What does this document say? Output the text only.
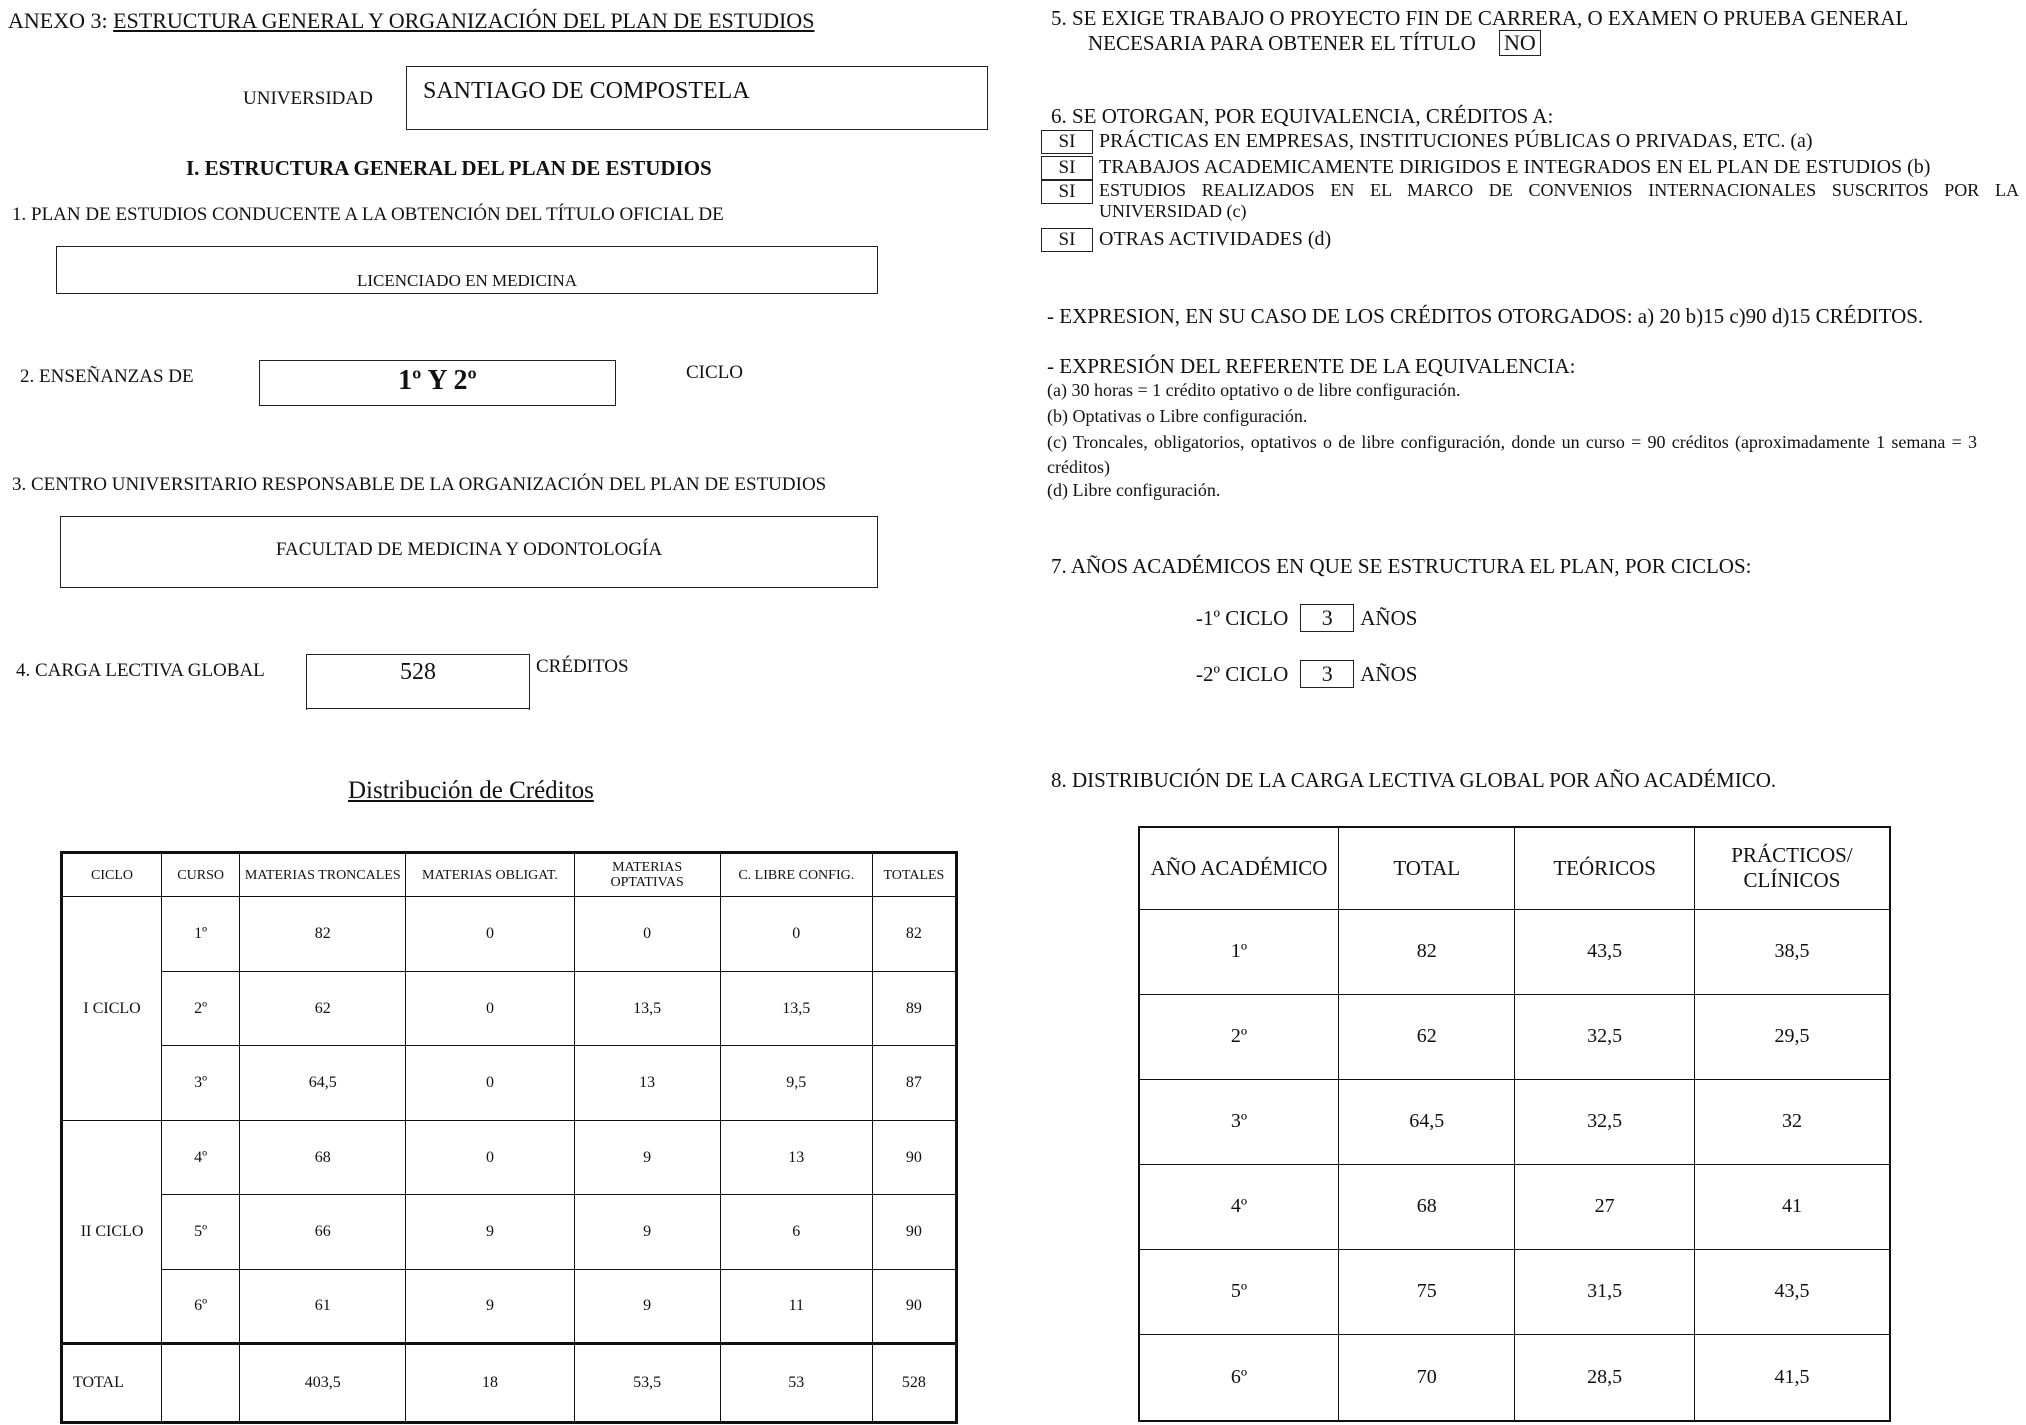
ANEXO 3: ESTRUCTURA GENERAL Y ORGANIZACIÓN DEL PLAN DE ESTUDIOS
UNIVERSIDAD SANTIAGO DE COMPOSTELA
I. ESTRUCTURA GENERAL DEL PLAN DE ESTUDIOS
1. PLAN DE ESTUDIOS CONDUCENTE A LA OBTENCIÓN DEL TÍTULO OFICIAL DE
LICENCIADO EN MEDICINA
2. ENSEÑANZAS DE	1º Y 2º	CICLO
3. CENTRO UNIVERSITARIO RESPONSABLE DE LA ORGANIZACIÓN DEL PLAN DE ESTUDIOS
FACULTAD DE MEDICINA Y ODONTOLOGÍA
4. CARGA LECTIVA GLOBAL	528	CRÉDITOS
Distribución de Créditos
CICLO	CURSO	MATERIAS TRONCALES	MATERIAS OBLIGAT.	MATERIAS OPTATIVAS	C. LIBRE CONFIG.	TOTALES
I CICLO	1º	82	0	0	0	82
	2º	62	0	13,5	13,5	89
	3º	64,5	0	13	9,5	87
II CICLO	4º	68	0	9	13	90
	5º	66	9	9	6	90
	6º	61	9	9	11	90
TOTAL		403,5	18	53,5	53	528
5. SE EXIGE TRABAJO O PROYECTO FIN DE CARRERA, O EXAMEN O PRUEBA GENERAL
NECESARIA PARA OBTENER EL TÍTULO NO
6. SE OTORGAN, POR EQUIVALENCIA, CRÉDITOS A:
SI	PRÁCTICAS EN EMPRESAS, INSTITUCIONES PÚBLICAS O PRIVADAS, ETC. (a)
SI	TRABAJOS ACADEMICAMENTE DIRIGIDOS E INTEGRADOS EN EL PLAN DE ESTUDIOS (b)
SI	ESTUDIOS REALIZADOS EN EL MARCO DE CONVENIOS INTERNACIONALES SUSCRITOS POR LA UNIVERSIDAD (c)
SI	OTRAS ACTIVIDADES (d)
- EXPRESION, EN SU CASO DE LOS CRÉDITOS OTORGADOS: a) 20 b)15 c)90 d)15 CRÉDITOS.
- EXPRESIÓN DEL REFERENTE DE LA EQUIVALENCIA:
(a) 30 horas = 1 crédito optativo o de libre configuración.
(b) Optativas o Libre configuración.
(c) Troncales, obligatorios, optativos o de libre configuración, donde un curso = 90 créditos (aproximadamente 1 semana = 3 créditos)
(d) Libre configuración.
7. AÑOS ACADÉMICOS EN QUE SE ESTRUCTURA EL PLAN, POR CICLOS:
-1º CICLO	3	AÑOS
-2º CICLO	3	AÑOS
8. DISTRIBUCIÓN DE LA CARGA LECTIVA GLOBAL POR AÑO ACADÉMICO.
AÑO ACADÉMICO	TOTAL	TEÓRICOS	PRÁCTICOS/ CLÍNICOS
1º	82	43,5	38,5
2º	62	32,5	29,5
3º	64,5	32,5	32
4º	68	27	41
5º	75	31,5	43,5
6º	70	28,5	41,5
